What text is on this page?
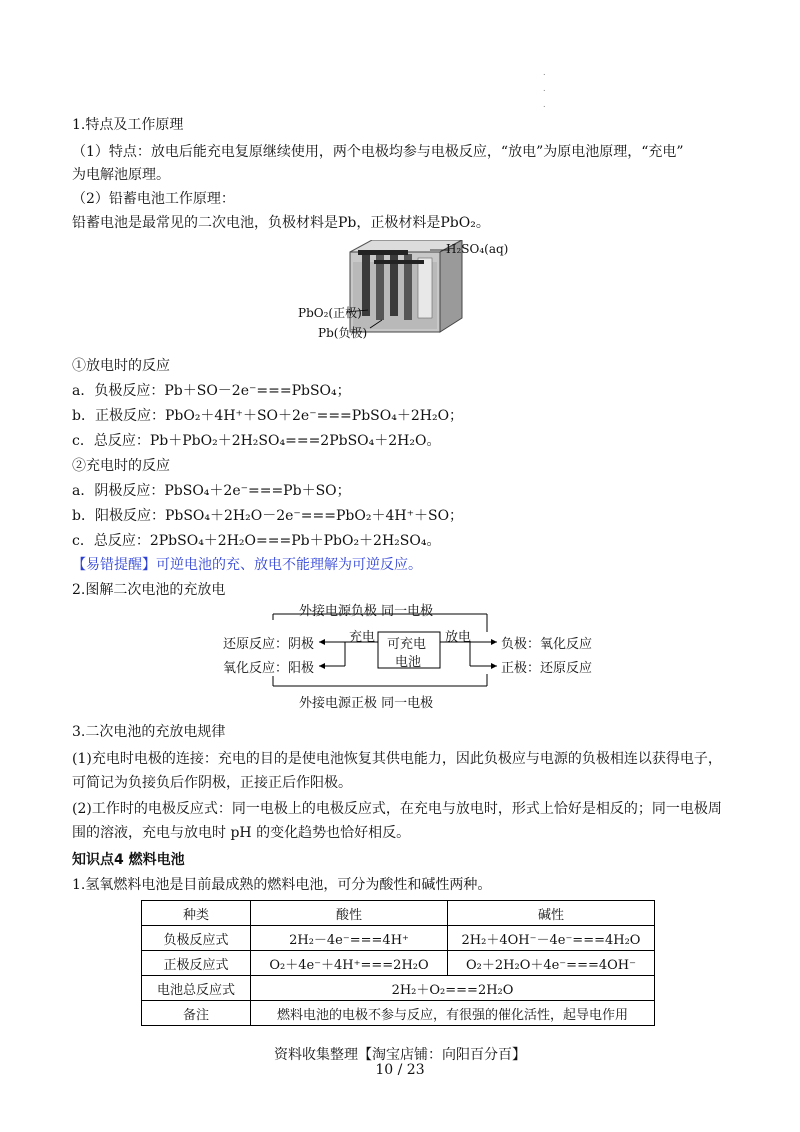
.
.
.
1.特点及工作原理
（1）特点：放电后能充电复原继续使用，两个电极均参与电极反应，“放电”为原电池原理，“充电”
为电解池原理。
（2）铅蓄电池工作原理：
铅蓄电池是最常见的二次电池，负极材料是Pb，正极材料是PbO₂。
H₂SO₄(aq)
PbO₂(正极)
Pb(负极)
①放电时的反应
a．负极反应：Pb＋SO－2e⁻===PbSO₄；
b．正极反应：PbO₂＋4H⁺＋SO＋2e⁻===PbSO₄＋2H₂O；
c．总反应：Pb＋PbO₂＋2H₂SO₄===2PbSO₄＋2H₂O。
②充电时的反应
a．阴极反应：PbSO₄＋2e⁻===Pb＋SO；
b．阳极反应：PbSO₄＋2H₂O－2e⁻===PbO₂＋4H⁺＋SO；
c．总反应：2PbSO₄＋2H₂O===Pb＋PbO₂＋2H₂SO₄。
【易错提醒】可逆电池的充、放电不能理解为可逆反应。
2.图解二次电池的充放电
外接电源负极 同一电极
还原反应：阴极
氧化反应：阳极
充电 可充电
电池
放电 负极：氧化反应
正极：还原反应
外接电源正极 同一电极
3.二次电池的充放电规律
(1)充电时电极的连接：充电的目的是使电池恢复其供电能力，因此负极应与电源的负极相连以获得电子，
可简记为负接负后作阴极，正接正后作阳极。
(2)工作时的电极反应式：同一电极上的电极反应式，在充电与放电时，形式上恰好是相反的；同一电极周
围的溶液，充电与放电时 pH 的变化趋势也恰好相反。
知识点4 燃料电池
1.氢氧燃料电池是目前最成熟的燃料电池，可分为酸性和碱性两种。
种类	酸性	碱性
负极反应式	2H₂－4e⁻===4H⁺	2H₂＋4OH⁻－4e⁻===4H₂O
正极反应式	O₂＋4e⁻＋4H⁺===2H₂O	O₂＋2H₂O＋4e⁻===4OH⁻
电池总反应式	2H₂＋O₂===2H₂O	
备注	燃料电池的电极不参与反应，有很强的催化活性，起导电作用	
资料收集整理【淘宝店铺：向阳百分百】
10 / 23
